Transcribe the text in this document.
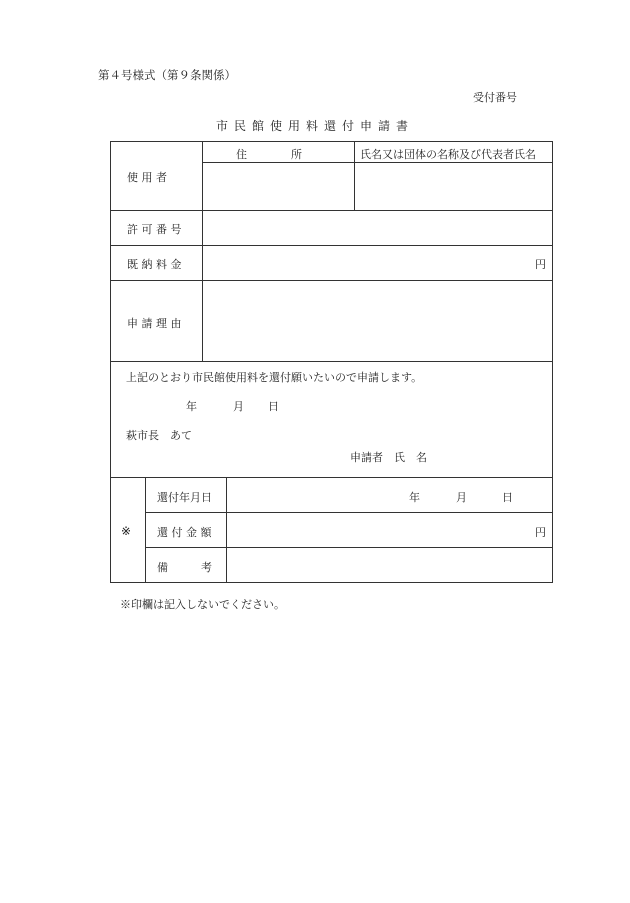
第４号様式（第９条関係）
受付番号
市民館使用料還付申請書
使 用 者
住　　　　所	氏名又は団体の名称及び代表者氏名
許 可 番 号
既 納 料 金	円
申 請 理 由
上記のとおり市民館使用料を還付願いたいので申請します。
年	月 日
萩市長　あて
申請者　氏　名
※
還付年月日	年	月	日
還 付 金 額	円
備　　　考
※印欄は記入しないでください。
